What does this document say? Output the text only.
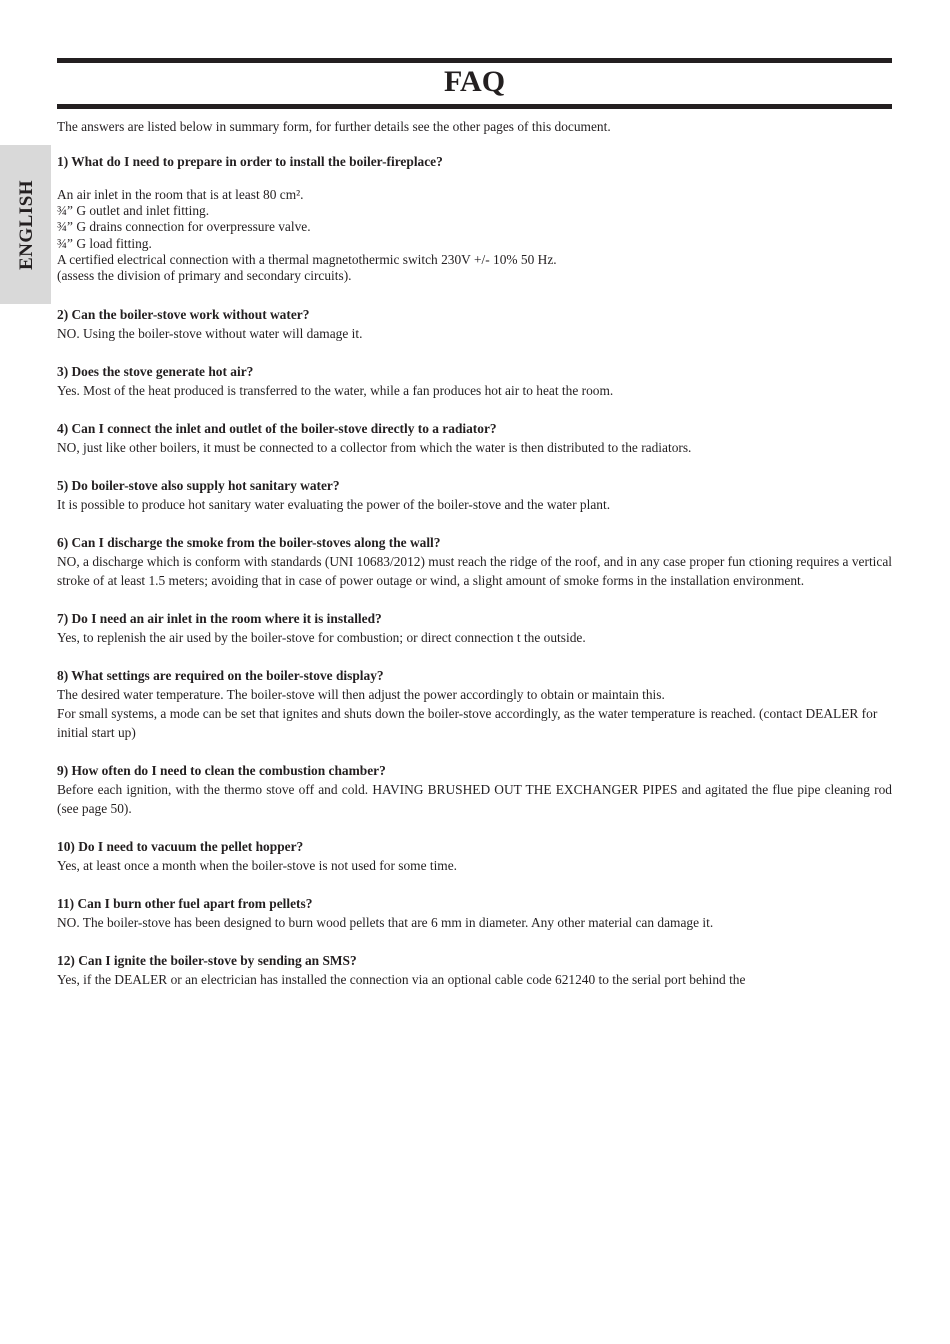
FAQ
ENGLISH

The answers are listed below in summary form, for further details see the other pages of this document.

1) What do I need to prepare in order to install the boiler-fireplace?

An air inlet in the room that is at least 80 cm².

¾” G outlet and inlet fitting.

¾” G drains connection for overpressure valve.

¾” G load fitting.

A certified electrical connection with a thermal magnetothermic switch 230V +/- 10% 50 Hz.

(assess the division of primary and secondary circuits).

2) Can the boiler-stove work without water?

NO. Using the boiler-stove without water will damage it.

3) Does the stove generate hot air?

Yes. Most of the heat produced is transferred to the water, while a fan produces hot air to heat the room.

4) Can I connect the inlet and outlet of the boiler-stove directly to a radiator?

NO, just like other boilers, it must be connected to a collector from which the water is then distributed to the radiators.

5) Do boiler-stove also supply hot sanitary water?

It is possible to produce hot sanitary water evaluating the power of the boiler-stove and the water plant.

6) Can I discharge the smoke from the boiler-stoves along the wall?

NO, a discharge which is conform with standards (UNI 10683/2012) must reach the ridge of the roof, and in any case proper fun ctioning requires a vertical stroke of at least 1.5 meters; avoiding that in case of power outage or wind, a slight amount of smoke forms in the installation environment.

7) Do I need an air inlet in the room where it is installed?

Yes, to replenish the air used by the boiler-stove for combustion; or direct connection t the outside.

8) What settings are required on the boiler-stove display?

The desired water temperature. The boiler-stove will then adjust the power accordingly to obtain or maintain this.

For small systems, a mode can be set that ignites and shuts down the boiler-stove accordingly, as the water temperature is reached. (contact DEALER for initial start up)

9) How often do I need to clean the combustion chamber?

Before each ignition, with the thermo stove off and cold. HAVING BRUSHED OUT THE EXCHANGER PIPES and agitated the flue pipe cleaning rod (see page 50).

10) Do I need to vacuum the pellet hopper?

Yes, at least once a month when the boiler-stove is not used for some time.

11) Can I burn other fuel apart from pellets?

NO. The boiler-stove has been designed to burn wood pellets that are 6 mm in diameter. Any other material can damage it.

12) Can I ignite the boiler-stove by sending an SMS?

Yes, if the DEALER or an electrician has installed the connection via an optional cable code 621240 to the serial port behind the
